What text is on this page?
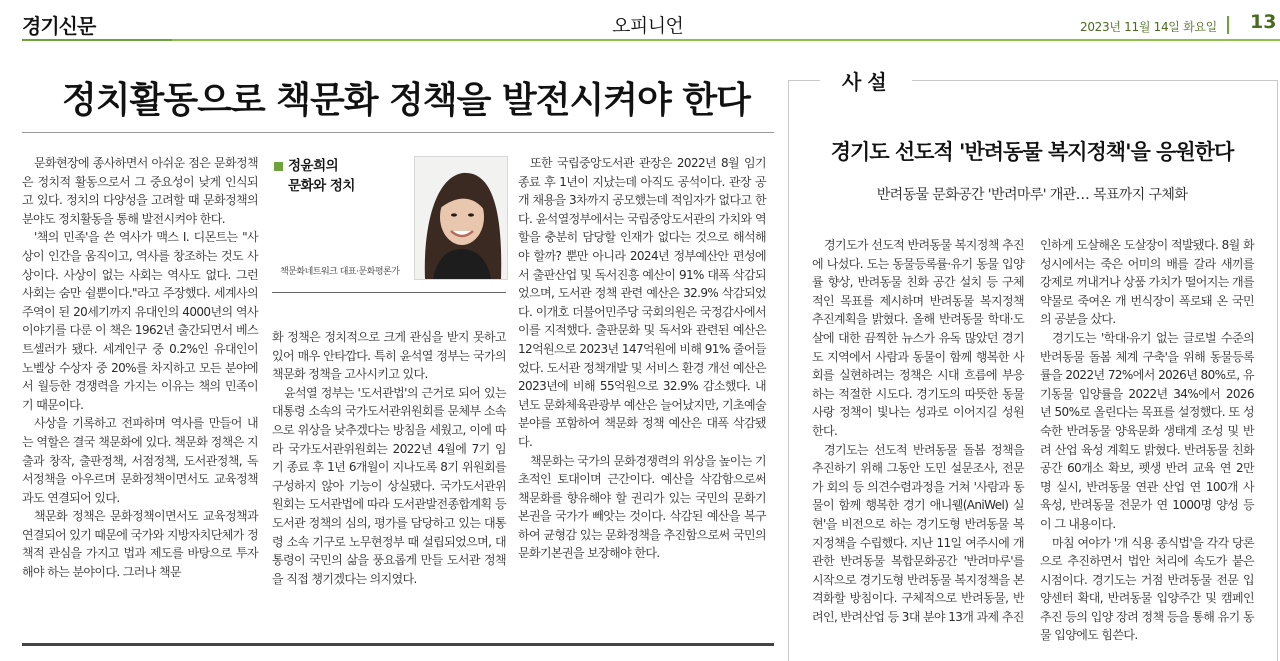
경기신문	오피니언	2023년 11월 14일 화요일 13
정치활동으로 책문화 정책을 발전시켜야 한다

문화현장에 종사하면서 아쉬운 점은 문화정책은 정치적 활동으로서 그 중요성이 낮게 인식되고 있다. 정치의 다양성을 고려할 때 문화정책의 분야도 정치활동을 통해 발전시켜야 한다.

'책의 민족'을 쓴 역사가 맥스 I. 디몬트는 "사상이 인간을 움직이고, 역사를 창조하는 것도 사상이다. 사상이 없는 사회는 역사도 없다. 그런 사회는 숨만 쉴뿐이다."라고 주장했다. 세계사의 주역이 된 20세기까지 유대인의 4000년의 역사이야기를 다룬 이 책은 1962년 출간되면서 베스트셀러가 됐다. 세계인구 중 0.2%인 유대인이 노벨상 수상자 중 20%를 차지하고 모든 분야에서 월등한 경쟁력을 가지는 이유는 책의 민족이기 때문이다.

사상을 기록하고 전파하며 역사를 만들어 내는 역할은 결국 책문화에 있다. 책문화 정책은 지출과 창작, 출판정책, 서점정책, 도서관정책, 독서정책을 아우르며 문화정책이면서도 교육정책과도 연결되어 있다.

책문화 정책은 문화정책이면서도 교육정책과 연결되어 있기 때문에 국가와 지방자치단체가 정책적 관심을 가지고 법과 제도를 바탕으로 투자해야 하는 분야이다. 그러나 책문

정윤희의
문화와 정치
책문화네트워크 대표·문화평론가

화 정책은 정치적으로 크게 관심을 받지 못하고 있어 매우 안타깝다. 특히 윤석열 정부는 국가의 책문화 정책을 고사시키고 있다.

윤석열 정부는 '도서관법'의 근거로 되어 있는 대통령 소속의 국가도서관위원회를 문체부 소속으로 위상을 낮추겠다는 방침을 세웠고, 이에 따라 국가도서관위원회는 2022년 4월에 7기 임기 종료 후 1년 6개월이 지나도록 8기 위원회를 구성하지 않아 기능이 상실됐다. 국가도서관위원회는 도서관법에 따라 도서관발전종합계획 등 도서관 정책의 심의, 평가를 담당하고 있는 대통령 소속 기구로 노무현정부 때 설립되었으며, 대통령이 국민의 삶을 풍요롭게 만들 도서관 정책을 직접 챙기겠다는 의지였다.

또한 국립중앙도서관 관장은 2022년 8월 임기 종료 후 1년이 지났는데 아직도 공석이다. 관장 공개 채용을 3차까지 공모했는데 적임자가 없다고 한다. 윤석열정부에서는 국립중앙도서관의 가치와 역할을 충분히 담당할 인재가 없다는 것으로 해석해야 할까? 뿐만 아니라 2024년 정부예산안 편성에서 출판산업 및 독서진흥 예산이 91% 대폭 삭감되었으며, 도서관 정책 관련 예산은 32.9% 삭감되었다. 이개호 더불어민주당 국회의원은 국정감사에서 이를 지적했다. 출판문화 및 독서와 관련된 예산은 12억원으로 2023년 147억원에 비해 91% 줄어들었다. 도서관 정책개발 및 서비스 환경 개선 예산은 2023년에 비해 55억원으로 32.9% 감소했다. 내년도 문화체육관광부 예산은 늘어났지만, 기초예술분야를 포함하여 책문화 정책 예산은 대폭 삭감됐다.

책문화는 국가의 문화경쟁력의 위상을 높이는 기초적인 토대이며 근간이다. 예산을 삭감함으로써 책문화를 향유해야 할 권리가 있는 국민의 문화기본권을 국가가 빼앗는 것이다. 삭감된 예산을 복구하여 균형감 있는 문화정책을 추진함으로써 국민의 문화기본권을 보장해야 한다.

사설
경기도 선도적 '반려동물 복지정책'을 응원한다
반려동물 문화공간 '반려마루' 개관… 목표까지 구체화

경기도가 선도적 반려동물 복지정책 추진에 나섰다. 도는 동물등록률·유기 동물 입양률 향상, 반려동물 친화 공간 설치 등 구체적인 목표를 제시하며 반려동물 복지정책 추진계획을 밝혔다. 올해 반려동물 학대·도살에 대한 끔찍한 뉴스가 유독 많았던 경기도 지역에서 사람과 동물이 함께 행복한 사회를 실현하려는 정책은 시대 흐름에 부응하는 적절한 시도다. 경기도의 따뜻한 동물사랑 정책이 빛나는 성과로 이어지길 성원한다.

경기도는 선도적 반려동물 돌봄 정책을 추진하기 위해 그동안 도민 설문조사, 전문가 회의 등 의견수렴과정을 거쳐 '사람과 동물이 함께 행복한 경기 애니웰(AniWel) 실현'을 비전으로 하는 경기도형 반려동물 복지정책을 수립했다. 지난 11일 여주시에 개관한 반려동물 복합문화공간 '반려마루'를 시작으로 경기도형 반려동물 복지정책을 본격화할 방침이다. 구체적으로 반려동물, 반려인, 반려산업 등 3대 분야 13개 과제 추진

인하게 도살해온 도살장이 적발됐다. 8월 화성시에서는 죽은 어미의 배를 갈라 새끼를 강제로 꺼내거나 상품 가치가 떨어지는 개를 약물로 죽여온 개 번식장이 폭로돼 온 국민의 공분을 샀다.

경기도는 '학대·유기 없는 글로벌 수준의 반려동물 돌봄 체계 구축'을 위해 동물등록률을 2022년 72%에서 2026년 80%로, 유기동물 입양률을 2022년 34%에서 2026년 50%로 올린다는 목표를 설정했다. 또 성숙한 반려동물 양육문화 생태계 조성 및 반려 산업 육성 계획도 밝혔다. 반려동물 친화 공간 60개소 확보, 펫생 반려 교육 연 2만 명 실시, 반려동물 연관 산업 연 100개 사 육성, 반려동물 전문가 연 1000명 양성 등이 그 내용이다.

마침 여야가 '개 식용 종식법'을 각각 당론으로 추진하면서 법안 처리에 속도가 붙은 시점이다. 경기도는 거점 반려동물 전문 입양센터 확대, 반려동물 입양주간 및 캠페인 추진 등의 입양 장려 정책 등을 통해 유기 동물 입양에도 힘쓴다.
